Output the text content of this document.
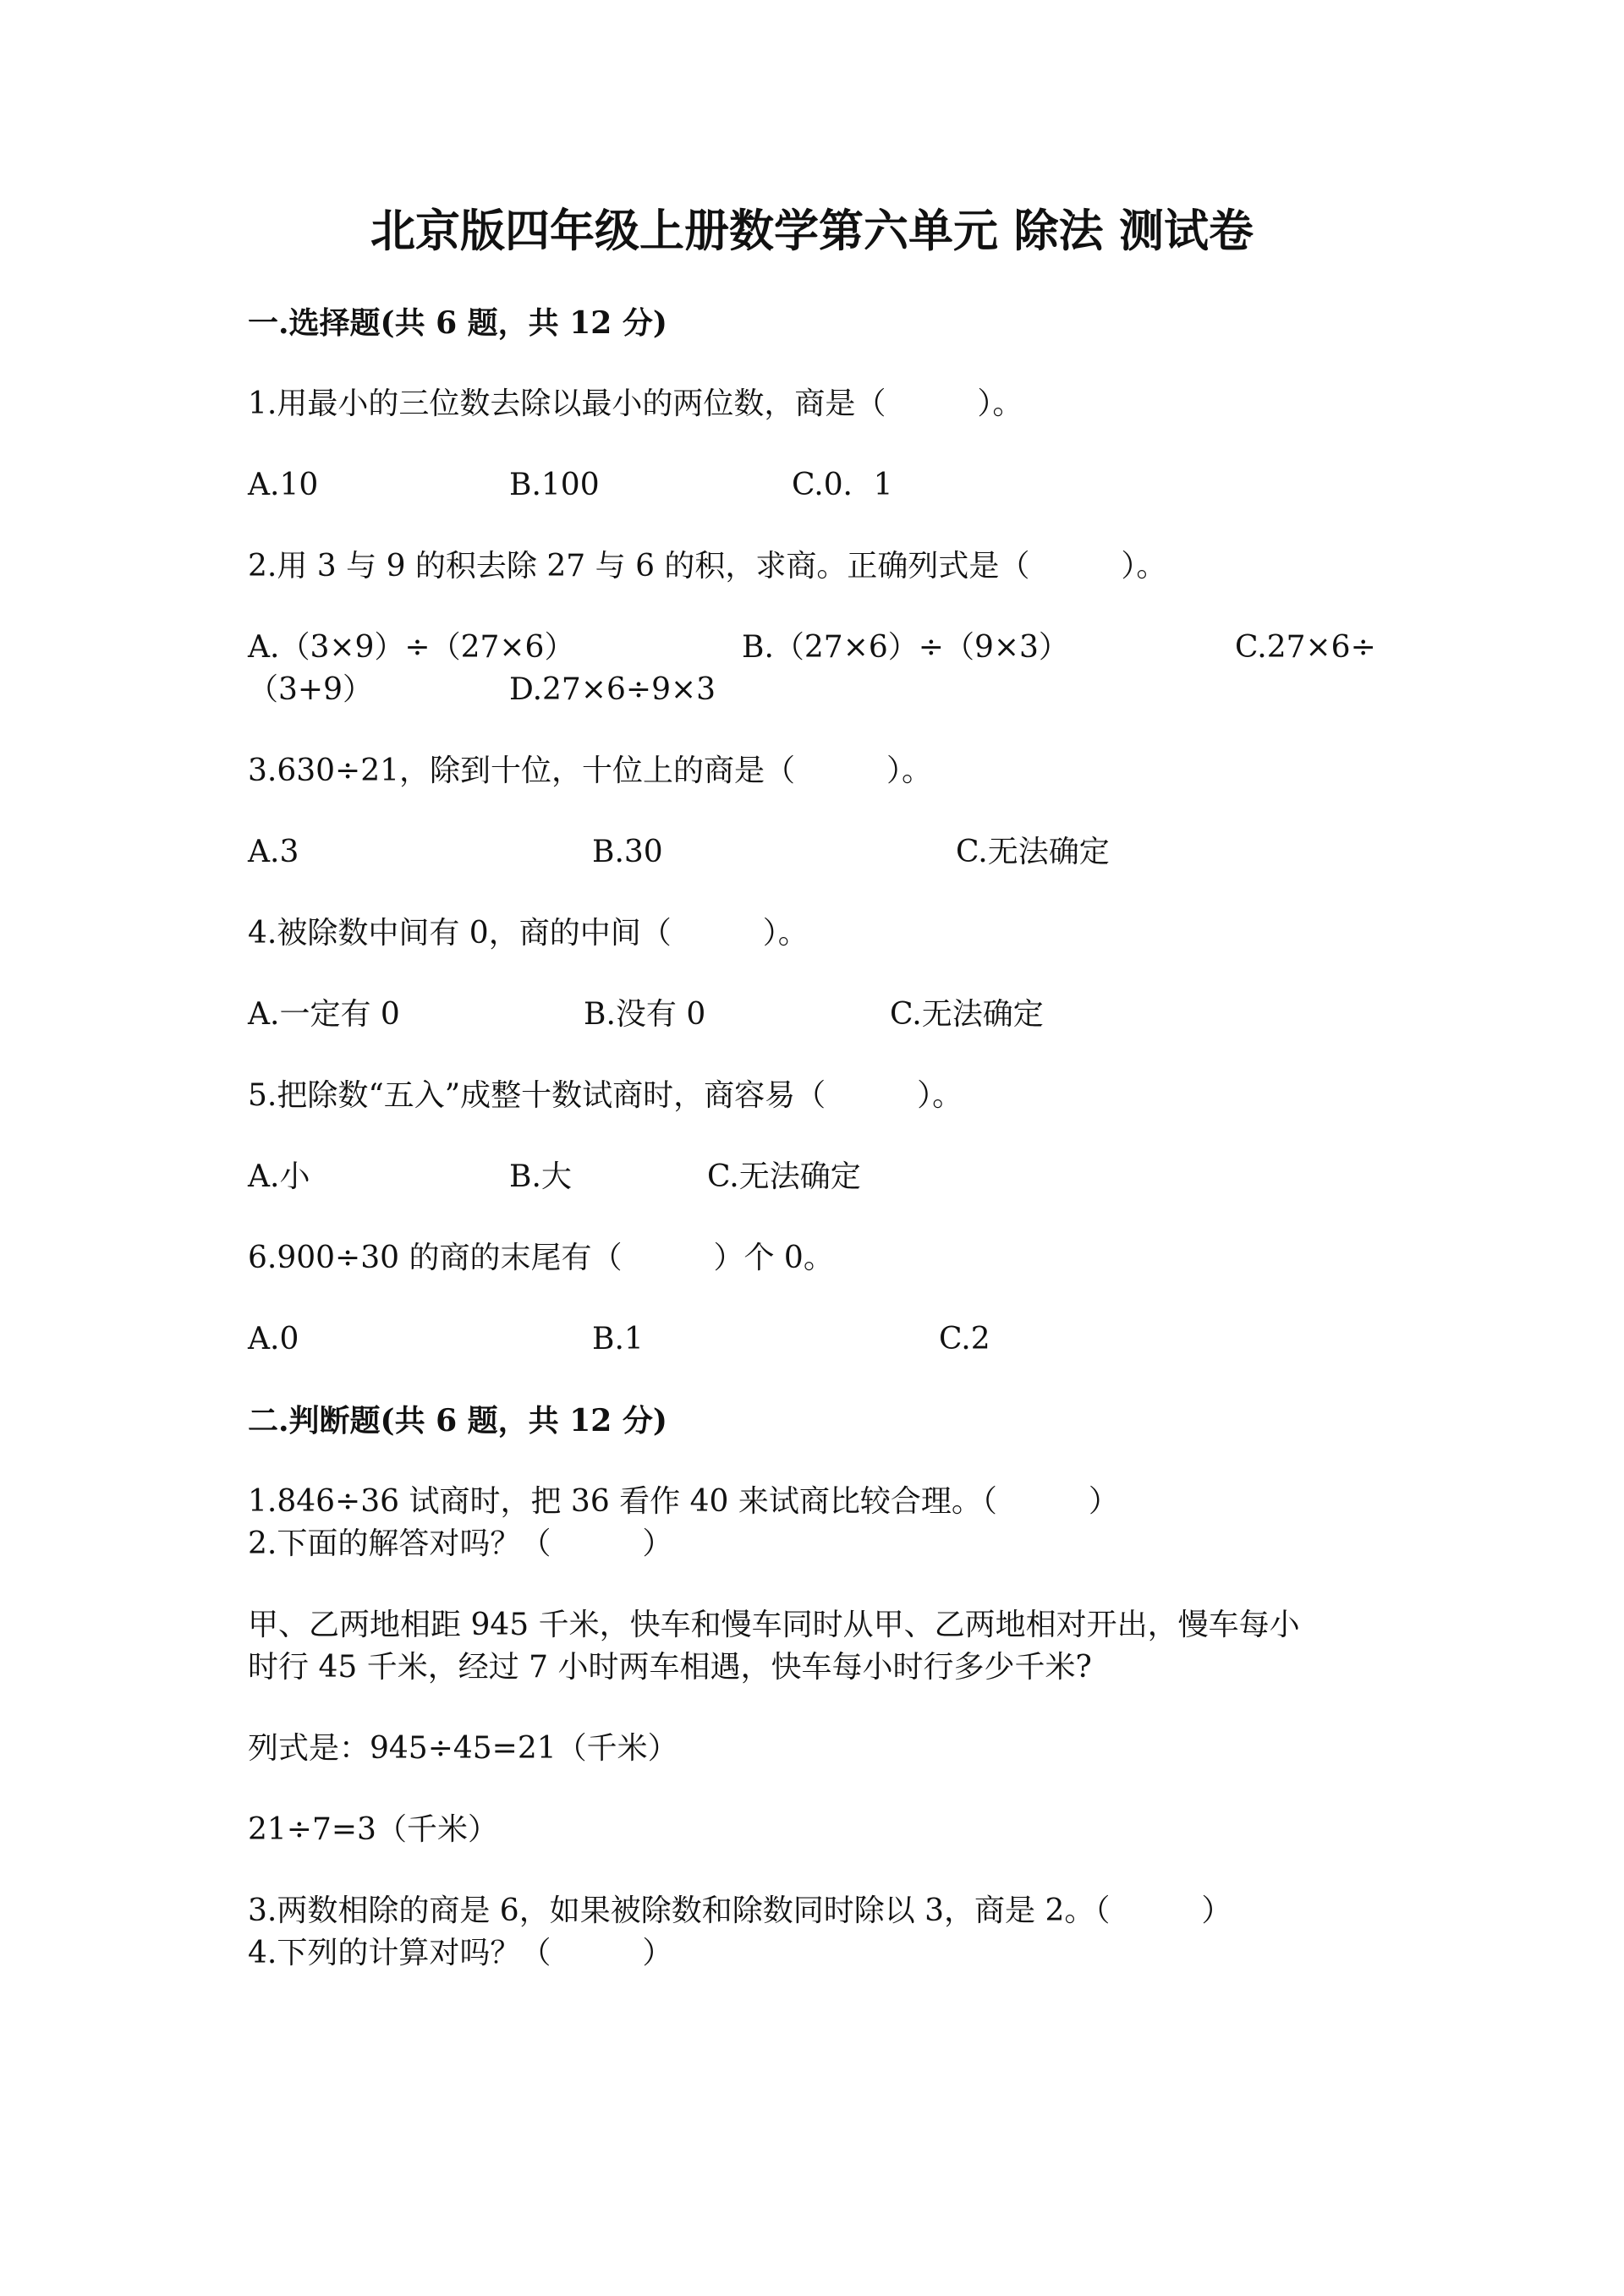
北京版四年级上册数学第六单元 除法 测试卷
一.选择题(共 6 题，共 12 分)
1.用最小的三位数去除以最小的两位数，商是（　　　）。
A.10	B.100	C.0．1
2.用 3 与 9 的积去除 27 与 6 的积，求商。正确列式是（　　　）。
A.（3×9）÷（27×6）	B.（27×6）÷（9×3）	C.27×6÷
（3+9）	D.27×6÷9×3
3.630÷21，除到十位，十位上的商是（　　　）。
A.3	B.30	C.无法确定
4.被除数中间有 0，商的中间（　　　）。
A.一定有 0	B.没有 0	C.无法确定
5.把除数“五入”成整十数试商时，商容易（　　　）。
A.小	B.大	C.无法确定
6.900÷30 的商的末尾有（　　　）个 0。
A.0	B.1	C.2
二.判断题(共 6 题，共 12 分)
1.846÷36 试商时，把 36 看作 40 来试商比较合理。（　　　）
2.下面的解答对吗？（　　　）
甲、乙两地相距 945 千米，快车和慢车同时从甲、乙两地相对开出，慢车每小
时行 45 千米，经过 7 小时两车相遇，快车每小时行多少千米?
列式是：945÷45=21（千米）
21÷7=3（千米）
3.两数相除的商是 6，如果被除数和除数同时除以 3，商是 2。（　　　）
4.下列的计算对吗？（　　　）
